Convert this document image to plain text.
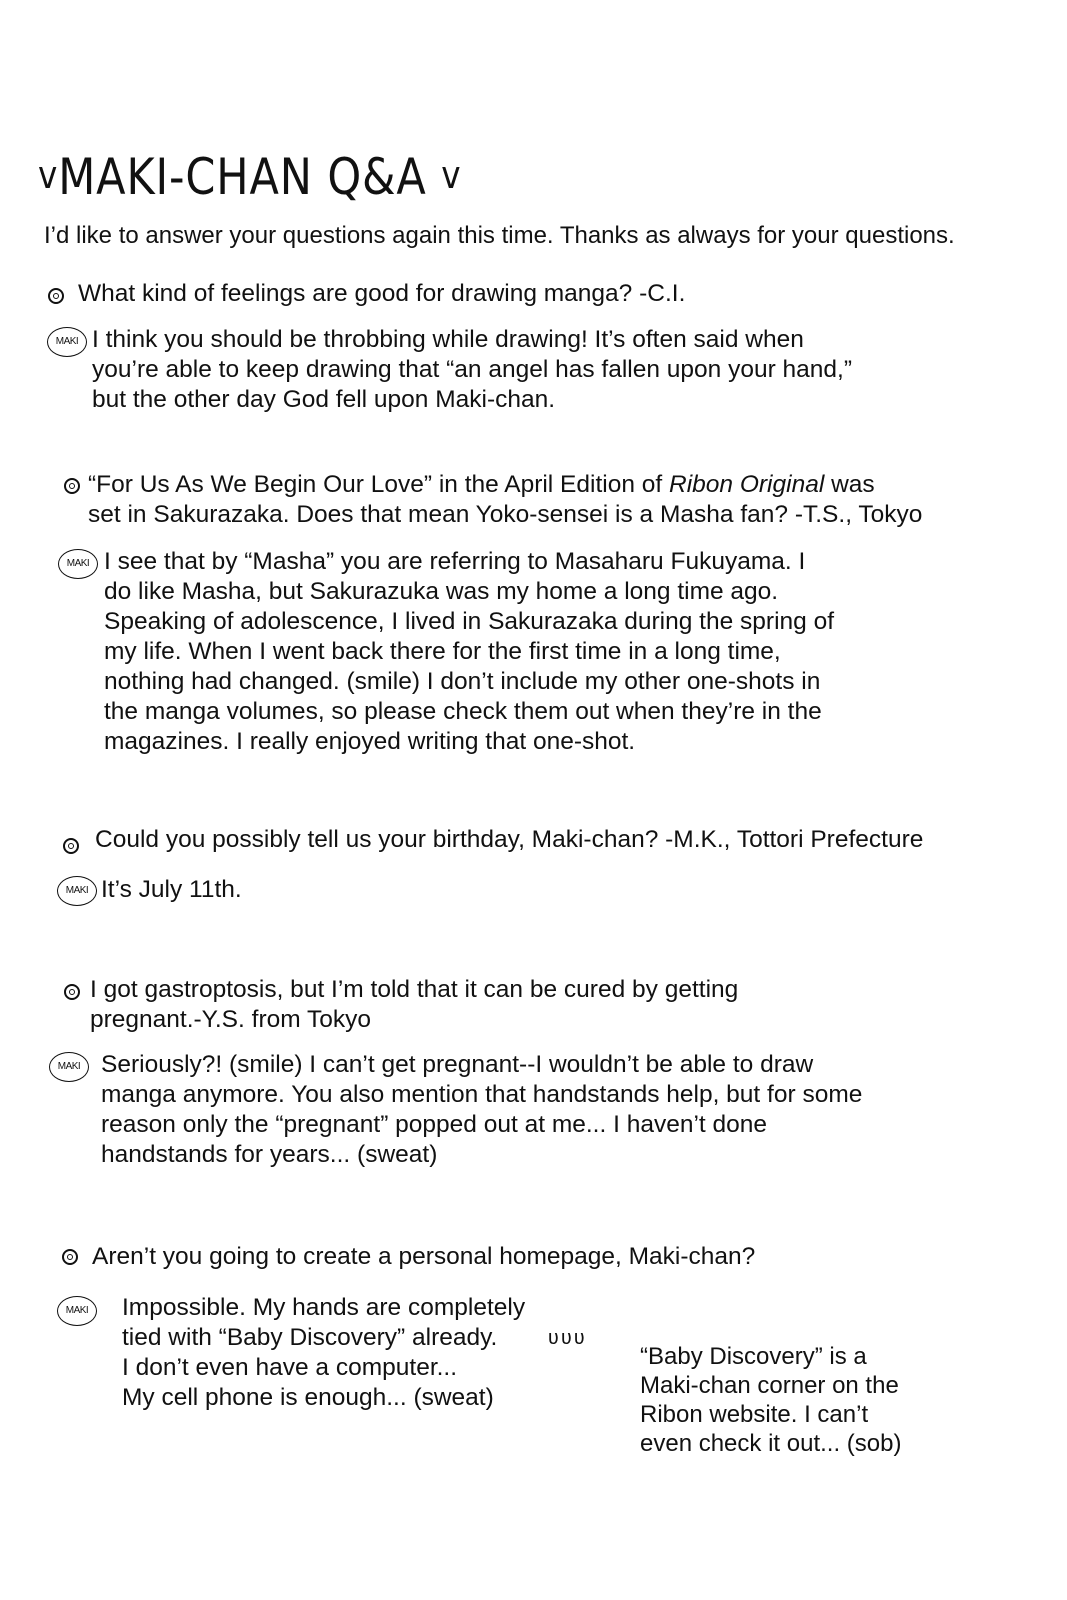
vMAKI-CHAN Q&A v
I’d like to answer your questions again this time. Thanks as always for your questions.
What kind of feelings are good for drawing manga? -C.I.
MAKI I think you should be throbbing while drawing! It’s often said when
you’re able to keep drawing that “an angel has fallen upon your hand,”
but the other day God fell upon Maki-chan.
“For Us As We Begin Our Love” in the April Edition of Ribon Original was
set in Sakurazaka. Does that mean Yoko-sensei is a Masha fan? -T.S., Tokyo
MAKI I see that by “Masha” you are referring to Masaharu Fukuyama. I
do like Masha, but Sakurazuka was my home a long time ago.
Speaking of adolescence, I lived in Sakurazaka during the spring of
my life. When I went back there for the first time in a long time,
nothing had changed. (smile) I don’t include my other one-shots in
the manga volumes, so please check them out when they’re in the
magazines. I really enjoyed writing that one-shot.
Could you possibly tell us your birthday, Maki-chan? -M.K., Tottori Prefecture
MAKI It’s July 11th.
I got gastroptosis, but I’m told that it can be cured by getting
pregnant.-Y.S. from Tokyo
MAKI Seriously?! (smile) I can’t get pregnant--I wouldn’t be able to draw
manga anymore. You also mention that handstands help, but for some
reason only the “pregnant” popped out at me... I haven’t done
handstands for years... (sweat)
Aren’t you going to create a personal homepage, Maki-chan?
MAKI	Impossible. My hands are completely
tied with “Baby Discovery” already.
I don’t even have a computer...
My cell phone is enough... (sweat)
ʋʋʋ
“Baby Discovery” is a
Maki-chan corner on the
Ribon website. I can’t
even check it out... (sob)
